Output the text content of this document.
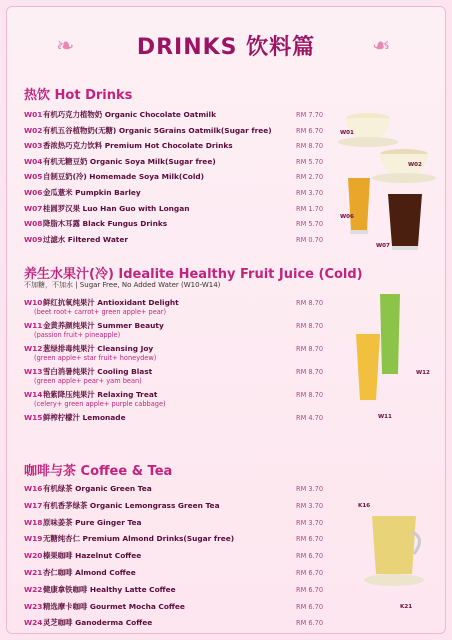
❧	❧
DRINKS 饮料篇
热饮 Hot Drinks
W01有机巧克力植物奶 Organic Chocolate Oatmilk	RM 7.70
W02有机五谷植物奶(无糖) Organic 5Grains Oatmilk(Sugar free)	RM 6.70
W03香浓热巧克力饮料 Premium Hot Chocolate Drinks	RM 8.70
W04有机无糖豆奶 Organic Soya Milk(Sugar free)	RM 5.70
W05自制豆奶(冷) Homemade Soya Milk(Cold)	RM 2.70
W06金瓜薏米 Pumpkin Barley	RM 3.70
W07桂圆罗汉果 Luo Han Guo with Longan	RM 1.70
W08降脂木耳露 Black Fungus Drinks	RM 5.70
W09过滤水 Filtered Water	RM 0.70
养生水果汁(冷) Idealite Healthy Fruit Juice (Cold)
不加糖，不加水 | Sugar Free, No Added Water (W10-W14)
W10鲜红抗氧纯果汁 Antioxidant Delight	RM 8.70
(beet root+ carrot+ green apple+ pear)
W11金黄养颜纯果汁 Summer Beauty	RM 8.70
(passion fruit+ pineapple)
W12葱绿排毒纯果汁 Cleansing Joy	RM 8.70
(green apple+ star fruit+ honeydew)
W13雪白消暑纯果汁 Cooling Blast	RM 8.70
(green apple+ pear+ yam bean)
W14艳紫降压纯果汁 Relaxing Treat	RM 8.70
(celery+ green apple+ purple cabbage)
W15鲜榨柠檬汁 Lemonade	RM 4.70
咖啡与茶 Coffee & Tea
W16有机绿茶 Organic Green Tea	RM 3.70
W17有机香茅绿茶 Organic Lemongrass Green Tea	RM 3.70
W18原味姜茶 Pure Ginger Tea	RM 3.70
W19无糖纯杏仁 Premium Almond Drinks(Sugar free)	RM 6.70
W20榛果咖啡 Hazelnut Coffee	RM 6.70
W21杏仁咖啡 Almond Coffee	RM 6.70
W22健康拿铁咖啡 Healthy Latte Coffee	RM 6.70
W23精选摩卡咖啡 Gourmet Mocha Coffee	RM 6.70
W24灵芝咖啡 Ganoderma Coffee	RM 6.70
W01
W02
W06
W07
W12
W11
K16
K21
